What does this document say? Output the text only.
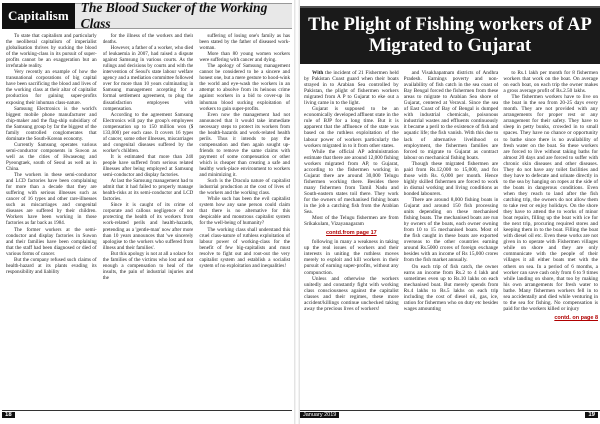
Capitalism
The Blood Sucker of the Working Class

To state that capitalism and particularly the neoliberal capitalism of imperialist globalisation thrives by sucking the blood of the working-class in its pursuit of super-profits cannot be an exaggeration but an irrefutable reality.

Very recently an example of how the transnational corporations of big capital have been sacrificing the blood and lives of the working class at their altar of capitalist production for gaining super-profits exposing their inhuman class-nature.

Samsung Electronics is the world's biggest mobile phone manufacturer and chip-maker and the flag-ship subsidiary of the Samsung group by far the biggest of the family controlled conglomerates that dominate the South-Korean economy.

Currently Samsung operates various semi-conductor components in Suwon as well as the cities of Hwaseong and Pyeongtaek, south of Seoul as well as in China.

The workers in these semi-conductor and LCD factories have been complaining for more than a decade that they are suffering with serious illnesses such as cancer of 16 types and other rare-illnesses such as miscarriages and congenital diseases are suffered by their children. Workers have been working in those factories as far back as 1984.

The former workers at the semi-conductor and display factories in Suwon and their families have been complaining that the staff had been diagnosed or died of various forms of cancer.

But the company refused such claims of health-hazard at its plants evading its responsibility and liability

for the illness of the workers and their deaths.

However, a father of a worker, who died of leukaemia in 2007, had raised a dispute against Samsung in various courts. As the rulings and decisions by courts and with the intervention of Seoul's state labour welfare agency and a mediation committee followed over for more than 10 years culminating in Samsung management accepting for a formal settlement agreement, to plug the dissatisfaction employees with compensation.

According to the agreement Samsung Electronics will pay the group's employees compensation up to 150 million won ($ 133,000) per each case. It covers 16 types of cancer, some other illnesses, miscarriages and congenital diseases suffered by the worker's children.

It is estimated that more than 240 people have suffered from serious related illnesses after being employed at Samsung semi-conductor and display factories.

At last the Samsung management had to admit that it had failed to properly manage health-risks at its semi-conductor and LCD factories.

Since it is caught of its crime of corporate and callous negligence of not protecting the health of its workers from work-related perils and health-hazards, pretending as a 'gentle-man' now after more than 10 years announces that 'we sincerely apologise to the workers who suffered from illness and their families'.

But this apology is not at all a solace for the families of the victims who lost and not enough a compensation to heal of the insults, the pain of industrial injuries and the

suffering of losing one's family as has been stated by the father of diseased work-woman.

More than 80 young women workers were suffering with cancer and dying.

The apology of Samsung management cannot be considered to be a sincere and honest one, but a mere gesture to hood-wink the world and eye-wash the workers in an attempt to absolve from its heinous crime against workers in a bid to cover-up its inhuman blood sucking exploitation of workers to gain super-profits.

Even now the management had not announced that it would take immediate necessary steps to protect its workers from the health-hazards and work-related health perils. Thus it intends to pay the compensation and then again sought up-friends to remove the same claims with payment of some compensation or other which is cheaper than creating a safe and healthy work-place environment to workers and minimizing it.

Such is the Dracula nature of capitalist industrial production at the cost of lives of the workers and the working class.

While such has been the evil capitalist system how any sane person could claim that there is no alternative for this despicable and monstrous capitalist system for the well-being of humanity?

The working class shall understand this cruel class-nature of ruthless exploitation of labour power of working-class for the benefit of few big-capitalists and must resolve to fight out and root-out the very capitalist system and establish a socialist system of no exploitation and inequalities!

18
The Plight of Fishing workers of AP
Migrated to Gujarat

With the incident of 21 Fishermen held by Pakistan Coast guard when their boats strayed in to Arabian Sea controlled by Pakistan, the plight of fishermen workers migrated from A P to Gujarat to eke out a living came in to the light.

Gujarat is supposed to be an economically developed affluent state in the rule of BJP for a long time. But it is apparent that the affluence of the state was based on the ruthless exploitation of the labour power of workers particularly the workers migrated in to it from other states.

While the official AP administration estimate that there are around 12,000 fishing workers migrated from AP, to Gujarat, according to the fishermen working in Gujarat there are around 30,000 Telugu fishermen working there. Besides there many fishermen from Tamil Nadu and South-eastern states toil there. They work for the owners of mechanised fishing boats in the job a catching fish from the Arabian Sea.

Most of the Telugu fishermen are from Srikakulam, Vizayanagaram

contd.from page 17

following in many a weakness in taking up the real issues of workers and their interests in uniting the ruthless moves merely to exploit and kill workers in their pursuit of earning super-profits, without any compunction.

Unless and otherwise the workers unitedly and constantly fight with working class consciousness against the capitalist classes and their regimes, these more accident/killings continue unchecked taking away the precious lives of workers!

and Visakhapatnam districts of Andhra Pradesh. Earnings poverty and non-availability of fish catch in the sea coast of Bay Bengal forced the fishermen from these areas to migrate to Arabian Sea shore of Gujarat, centered at Veraval. Since the sea of East Coast of Bay of Bengal is dumped with industrial chemicals, poisonous industrial wastes and effluents continuously it became a peril to the existence of fish and aquatic life; the fish vanish. With this due to lack of alternative livelihood or employment, the fishermen families are forced to migrate to Gujarat as contract labour on mechanical fishing boats.

Though these migrated fishermen are paid from Rs.12,000 to 15,000, and for those with Rs. 6,000 per month. Hence highly skilled fishermen are forced to work in dismal working and living conditions as bonded labourers.

There are around 8,000 fishing boats in Gujarat and around 150 fish processing units depending on these mechanised fishing boats. The mechanised boats are run by owners of the boats, each owner owning from 10 to 15 mechanised boats. Most of the fish caught in these boats are exported overseas to the other countries earning around Rs.5000 crores of foreign exchange besides with an income of Rs 15,000 crores from the fish market annually.

On each trip of fish catch, the owner earns an income from Rs.2 to 4 lakh and sometimes even up to Rs.10 lakhs on each mechanised boat. But merely spends from Rs.4 lakhs to Rs.5 lakhs on each trip including the cost of diesel oil, gas, ice, ration for fishermen who on duty etc besides wages amounting

to Rs.1 lakh per month for 8 fishermen workers that work on the boat. On average on each boat, on each trip the owner makes a gross average profit of Rs.2.50 lakhs.

The fishermen workers have to live on the boat in the sea from 20-25 days every month. They are not provided with any arrangements for proper rest or any arrangement for their safety. They have to sleep in petty bunks, crowded in to small spaces. They have no chance or opportunity to bathe since there is no availability of fresh water on the boat. So these workers are forced to live without taking baths for almost 20 days and are forced to suffer with chronic skin diseases and other diseases. They do not have any toilet facilities and they have to defecate and urinate directly in to the sea by hanging on ropes at the side of the boats in dangerous conditions. Even when they reach to land after the fish catching trip, the owners do not allow them to take rest or enjoy holidays. On the shore they have to attend the to works of minor boat repairs, filling up the boat with ice for the next trip, procuring required stores and keeping them in to the boat. Filling the boat with diesel oil etc. Even these works are not given in to operate with Fishermen villages while on shore and they are only communicate with the people of their villages it all either boats met with the others on sea. In a period of 6 months, a worker can save cash only from 6 to 9 times while landing on shore, that too by making his own arrangements for fresh water to bathe. Many fishermen workers fell in to sea accidentally and died while venturing in to the sea for fishing. No compensation is paid for the workers killed or injury

contd. on page 8
January 2019	19
